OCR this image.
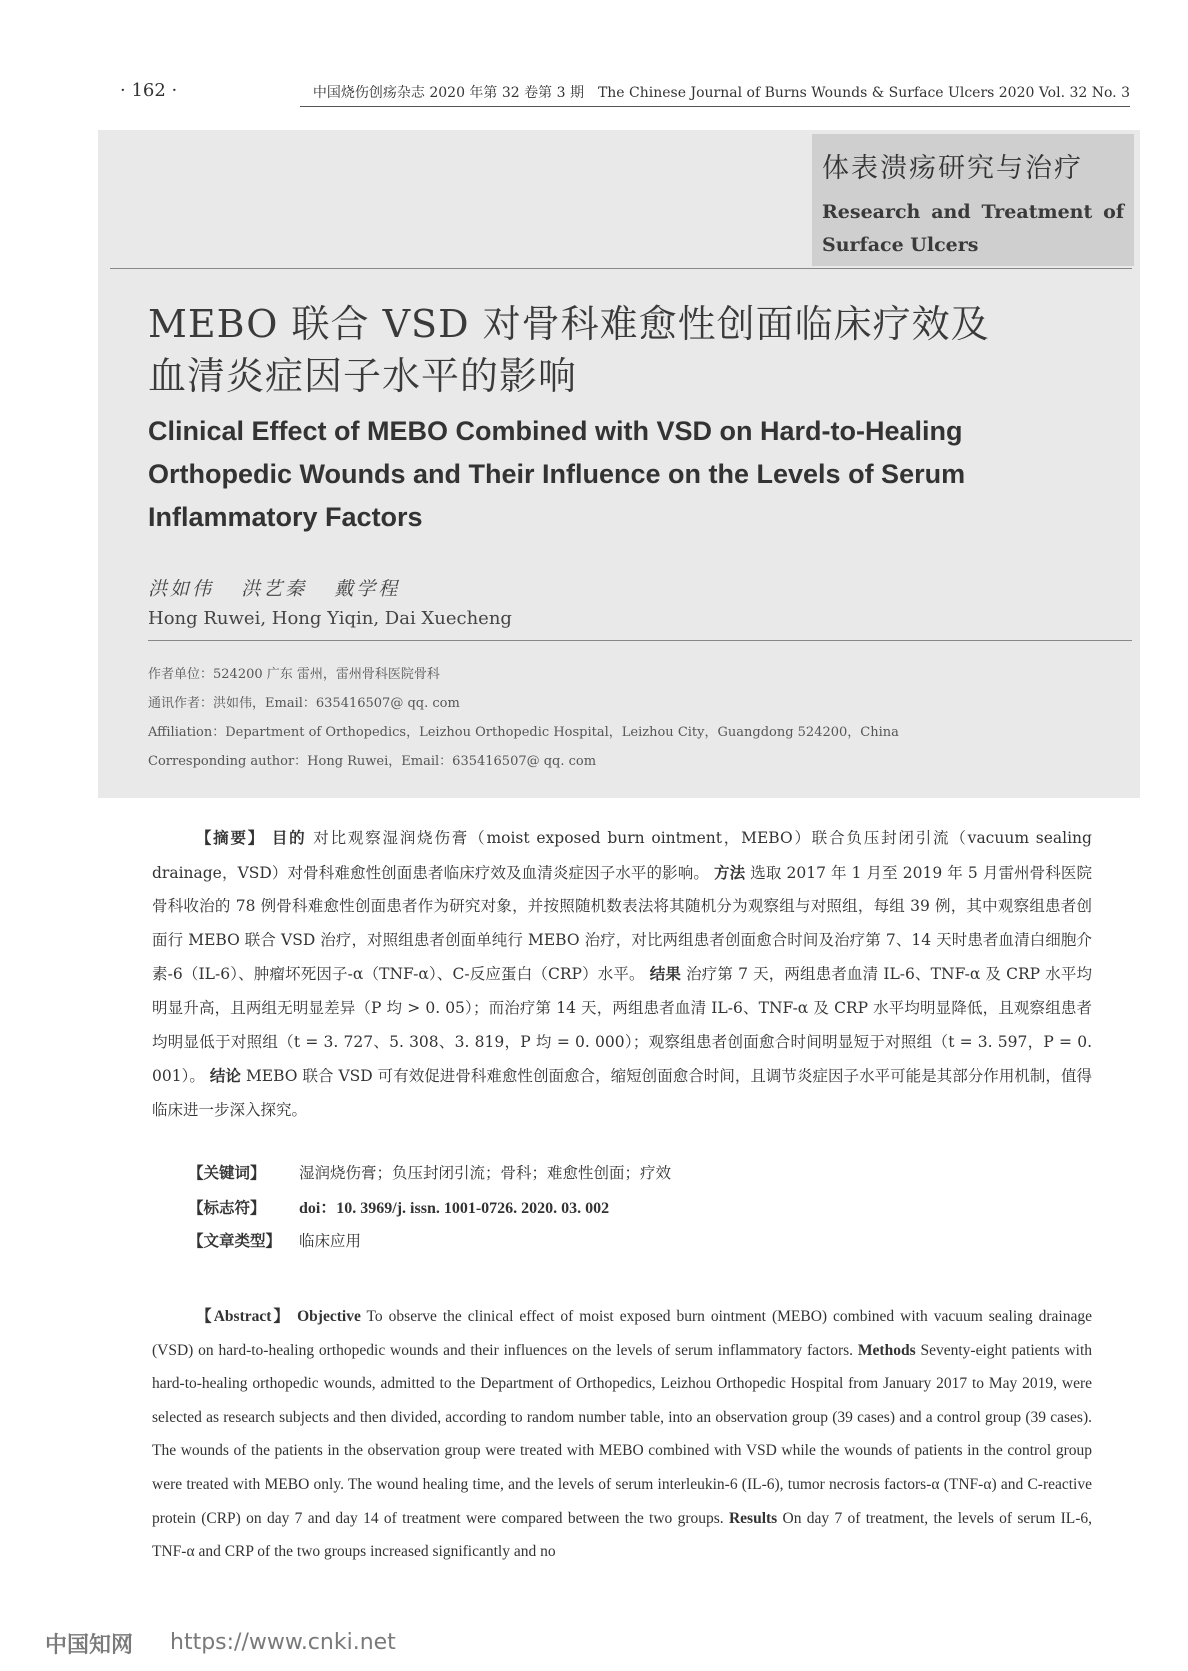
· 162 ·	中国烧伤创疡杂志 2020 年第 32 卷第 3 期　The Chinese Journal of Burns Wounds & Surface Ulcers 2020 Vol. 32 No. 3
体表溃疡研究与治疗
Research and Treatment of Surface Ulcers
MEBO 联合 VSD 对骨科难愈性创面临床疗效及
血清炎症因子水平的影响
Clinical Effect of MEBO Combined with VSD on Hard-to-Healing Orthopedic Wounds and Their Influence on the Levels of Serum Inflammatory Factors
洪如伟   洪艺秦   戴学程
Hong Ruwei, Hong Yiqin, Dai Xuecheng
作者单位：524200 广东 雷州，雷州骨科医院骨科
通讯作者：洪如伟，Email：635416507@ qq. com
Affiliation：Department of Orthopedics，Leizhou Orthopedic Hospital，Leizhou City，Guangdong 524200，China
Corresponding author：Hong Ruwei，Email：635416507@ qq. com
【摘要】 目的 对比观察湿润烧伤膏（moist exposed burn ointment，MEBO）联合负压封闭引流（vacuum sealing drainage，VSD）对骨科难愈性创面患者临床疗效及血清炎症因子水平的影响。 方法 选取 2017 年 1 月至 2019 年 5 月雷州骨科医院骨科收治的 78 例骨科难愈性创面患者作为研究对象，并按照随机数表法将其随机分为观察组与对照组，每组 39 例，其中观察组患者创面行 MEBO 联合 VSD 治疗，对照组患者创面单纯行 MEBO 治疗，对比两组患者创面愈合时间及治疗第 7、14 天时患者血清白细胞介素-6（IL-6）、肿瘤坏死因子-α（TNF-α）、C-反应蛋白（CRP）水平。 结果 治疗第 7 天，两组患者血清 IL-6、TNF-α 及 CRP 水平均明显升高，且两组无明显差异（P 均 > 0. 05）；而治疗第 14 天，两组患者血清 IL-6、TNF-α 及 CRP 水平均明显降低，且观察组患者均明显低于对照组（t = 3. 727、5. 308、3. 819，P 均 = 0. 000）；观察组患者创面愈合时间明显短于对照组（t = 3. 597，P = 0. 001）。 结论 MEBO 联合 VSD 可有效促进骨科难愈性创面愈合，缩短创面愈合时间，且调节炎症因子水平可能是其部分作用机制，值得临床进一步深入探究。
【关键词】 湿润烧伤膏；负压封闭引流；骨科；难愈性创面；疗效
【标志符】 doi：10. 3969/j. issn. 1001-0726. 2020. 03. 002
【文章类型】 临床应用
【Abstract】 Objective To observe the clinical effect of moist exposed burn ointment (MEBO) combined with vacuum sealing drainage (VSD) on hard-to-healing orthopedic wounds and their influences on the levels of serum inflammatory factors. Methods Seventy-eight patients with hard-to-healing orthopedic wounds, admitted to the Department of Orthopedics, Leizhou Orthopedic Hospital from January 2017 to May 2019, were selected as research subjects and then divided, according to random number table, into an observation group (39 cases) and a control group (39 cases). The wounds of the patients in the observation group were treated with MEBO combined with VSD while the wounds of patients in the control group were treated with MEBO only. The wound healing time, and the levels of serum interleukin-6 (IL-6), tumor necrosis factors-α (TNF-α) and C-reactive protein (CRP) on day 7 and day 14 of treatment were compared between the two groups. Results On day 7 of treatment, the levels of serum IL-6, TNF-α and CRP of the two groups increased significantly and no
中国知网 https://www.cnki.net
